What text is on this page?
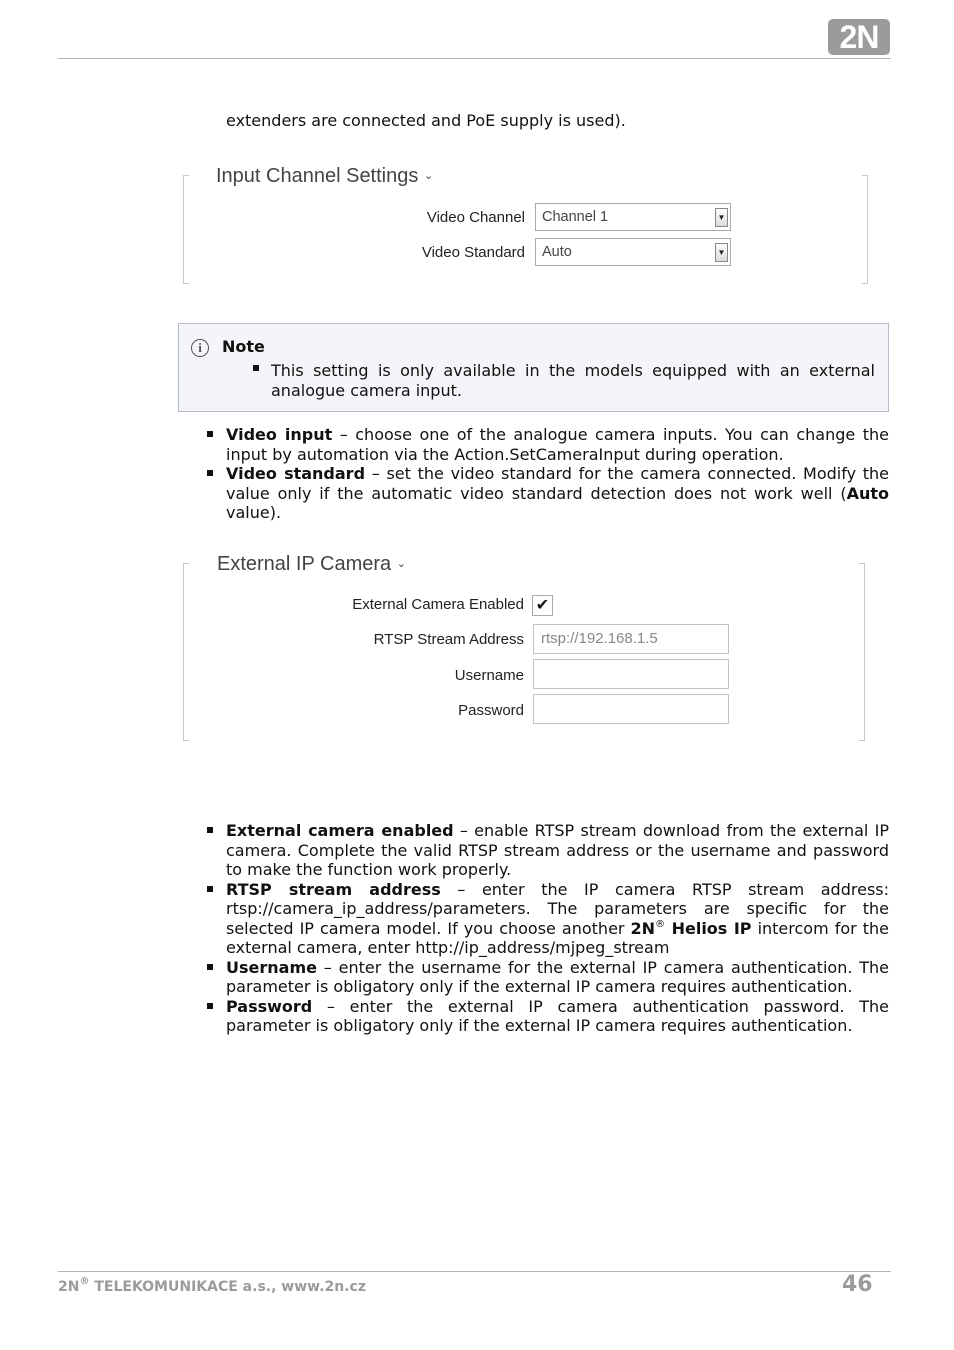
2N
extenders are connected and PoE supply is used).
Input Channel Settings ⌄
Video Channel	Channel 1	▼
Video Standard	Auto	▼
i	Note
This setting is only available in the models equipped with an external analogue camera input.
Video input – choose one of the analogue camera inputs. You can change the input by automation via the Action.SetCameraInput during operation.
Video standard – set the video standard for the camera connected. Modify the value only if the automatic video standard detection does not work well (Auto value).
External IP Camera ⌄
External Camera Enabled ✔
RTSP Stream Address	rtsp://192.168.1.5
Username
Password
External camera enabled – enable RTSP stream download from the external IP camera. Complete the valid RTSP stream address or the username and password to make the function work properly.
RTSP stream address – enter the IP camera RTSP stream address: rtsp://camera_ip_address/parameters. The parameters are specific for the selected IP camera model. If you choose another 2N® Helios IP intercom for the external camera, enter http://ip_address/mjpeg_stream
Username – enter the username for the external IP camera authentication. The parameter is obligatory only if the external IP camera requires authentication.
Password – enter the external IP camera authentication password. The parameter is obligatory only if the external IP camera requires authentication.
2N® TELEKOMUNIKACE a.s., www.2n.cz	46
